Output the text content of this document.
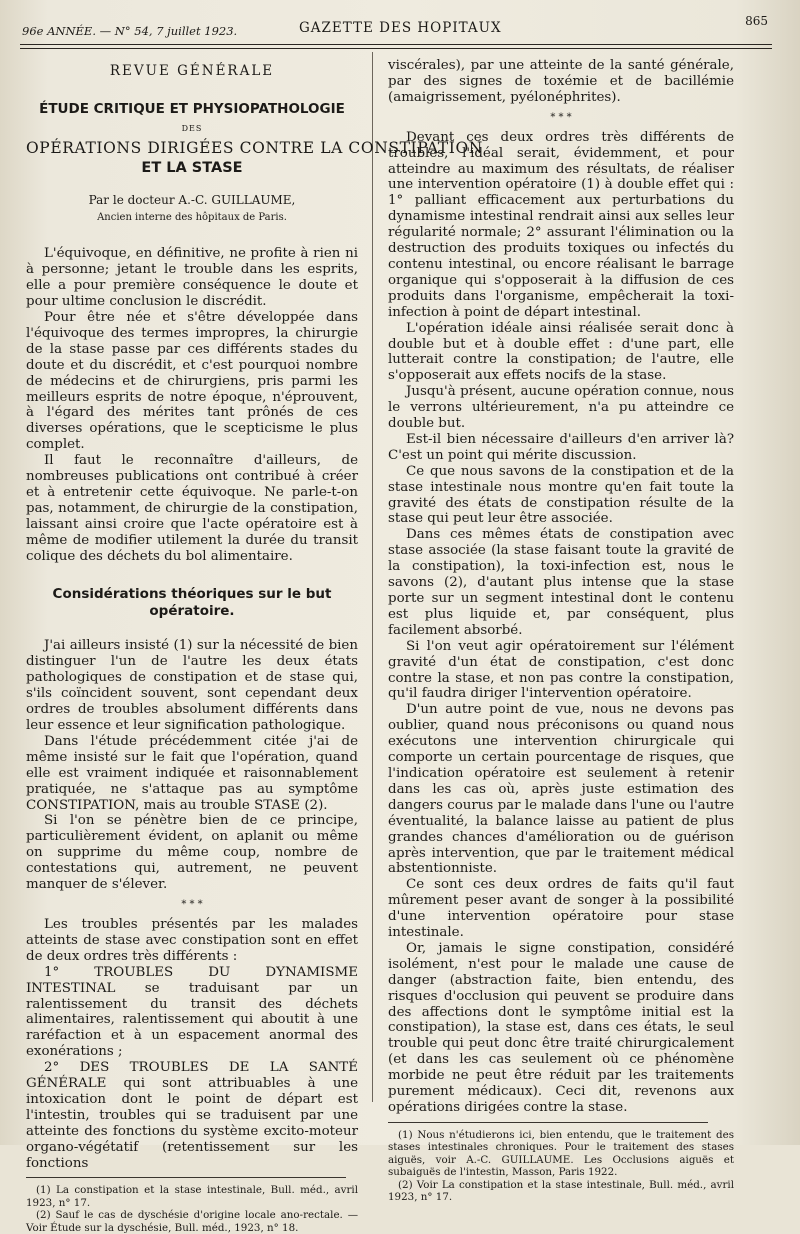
96e ANNÉE. — N° 54, 7 juillet 1923.	GAZETTE DES HOPITAUX	865

REVUE GÉNÉRALE

ÉTUDE CRITIQUE ET PHYSIOPATHOLOGIE

DES

OPÉRATIONS DIRIGÉES CONTRE LA CONSTIPATION

ET LA STASE

Par le docteur A.-C. GUILLAUME,

Ancien interne des hôpitaux de Paris.

L'équivoque, en définitive, ne profite à rien ni à personne; jetant le trouble dans les esprits, elle a pour première conséquence le doute et pour ultime conclusion le discrédit.

Pour être née et s'être développée dans l'équivoque des termes impropres, la chirurgie de la stase passe par ces différents stades du doute et du discrédit, et c'est pourquoi nombre de médecins et de chirurgiens, pris parmi les meilleurs esprits de notre époque, n'éprouvent, à l'égard des mérites tant prônés de ces diverses opérations, que le scepticisme le plus complet.

Il faut le reconnaître d'ailleurs, de nombreuses publications ont contribué à créer et à entretenir cette équivoque. Ne parle-t-on pas, notamment, de chirurgie de la constipation, laissant ainsi croire que l'acte opératoire est à même de modifier utilement la durée du transit colique des déchets du bol alimentaire.

Considérations théoriques sur le but opératoire.

J'ai ailleurs insisté (1) sur la nécessité de bien distinguer l'un de l'autre les deux états pathologiques de constipation et de stase qui, s'ils coïncident souvent, sont cependant deux ordres de troubles absolument différents dans leur essence et leur signification pathologique.

Dans l'étude précédemment citée j'ai de même insisté sur le fait que l'opération, quand elle est vraiment indiquée et raisonnablement pratiquée, ne s'attaque pas au symptôme CONSTIPATION, mais au trouble STASE (2).

Si l'on se pénètre bien de ce principe, particulièrement évident, on aplanit ou même on supprime du même coup, nombre de contestations qui, autrement, ne peuvent manquer de s'élever.

* * *

Les troubles présentés par les malades atteints de stase avec constipation sont en effet de deux ordres très différents :

1° TROUBLES DU DYNAMISME INTESTINAL se traduisant par un ralentissement du transit des déchets alimentaires, ralentissement qui aboutit à une raréfaction et à un espacement anormal des exonérations ;

2° DES TROUBLES DE LA SANTÉ GÉNÉRALE qui sont attribuables à une intoxication dont le point de départ est l'intestin, troubles qui se traduisent par une atteinte des fonctions du système excito-moteur organo-végétatif (retentissement sur les fonctions

(1) La constipation et la stase intestinale, Bull. méd., avril 1923, n° 17.

(2) Sauf le cas de dyschésie d'origine locale ano-rectale. — Voir Étude sur la dyschésie, Bull. méd., 1923, n° 18.

viscérales), par une atteinte de la santé générale, par des signes de toxémie et de bacillémie (amaigrissement, pyélonéphrites).

* * *

Devant ces deux ordres très différents de troubles, l'idéal serait, évidemment, et pour atteindre au maximum des résultats, de réaliser une intervention opératoire (1) à double effet qui : 1° palliant efficacement aux perturbations du dynamisme intestinal rendrait ainsi aux selles leur régularité normale; 2° assurant l'élimination ou la destruction des produits toxiques ou infectés du contenu intestinal, ou encore réalisant le barrage organique qui s'opposerait à la diffusion de ces produits dans l'organisme, empêcherait la toxi-infection à point de départ intestinal.

L'opération idéale ainsi réalisée serait donc à double but et à double effet : d'une part, elle lutterait contre la constipation; de l'autre, elle s'opposerait aux effets nocifs de la stase.

Jusqu'à présent, aucune opération connue, nous le verrons ultérieurement, n'a pu atteindre ce double but.

Est-il bien nécessaire d'ailleurs d'en arriver là? C'est un point qui mérite discussion.

Ce que nous savons de la constipation et de la stase intestinale nous montre qu'en fait toute la gravité des états de constipation résulte de la stase qui peut leur être associée.

Dans ces mêmes états de constipation avec stase associée (la stase faisant toute la gravité de la constipation), la toxi-infection est, nous le savons (2), d'autant plus intense que la stase porte sur un segment intestinal dont le contenu est plus liquide et, par conséquent, plus facilement absorbé.

Si l'on veut agir opératoirement sur l'élément gravité d'un état de constipation, c'est donc contre la stase, et non pas contre la constipation, qu'il faudra diriger l'intervention opératoire.

D'un autre point de vue, nous ne devons pas oublier, quand nous préconisons ou quand nous exécutons une intervention chirurgicale qui comporte un certain pourcentage de risques, que l'indication opératoire est seulement à retenir dans les cas où, après juste estimation des dangers courus par le malade dans l'une ou l'autre éventualité, la balance laisse au patient de plus grandes chances d'amélioration ou de guérison après intervention, que par le traitement médical abstentionniste.

Ce sont ces deux ordres de faits qu'il faut mûrement peser avant de songer à la possibilité d'une intervention opératoire pour stase intestinale.

Or, jamais le signe constipation, considéré isolément, n'est pour le malade une cause de danger (abstraction faite, bien entendu, des risques d'occlusion qui peuvent se produire dans des affections dont le symptôme initial est la constipation), la stase est, dans ces états, le seul trouble qui peut donc être traité chirurgicalement (et dans les cas seulement où ce phénomène morbide ne peut être réduit par les traitements purement médicaux). Ceci dit, revenons aux opérations dirigées contre la stase.

(1) Nous n'étudierons ici, bien entendu, que le traitement des stases intestinales chroniques. Pour le traitement des stases aiguës, voir A.-C. GUILLAUME. Les Occlusions aiguës et subaiguës de l'intestin, Masson, Paris 1922.

(2) Voir La constipation et la stase intestinale, Bull. méd., avril 1923, n° 17.
